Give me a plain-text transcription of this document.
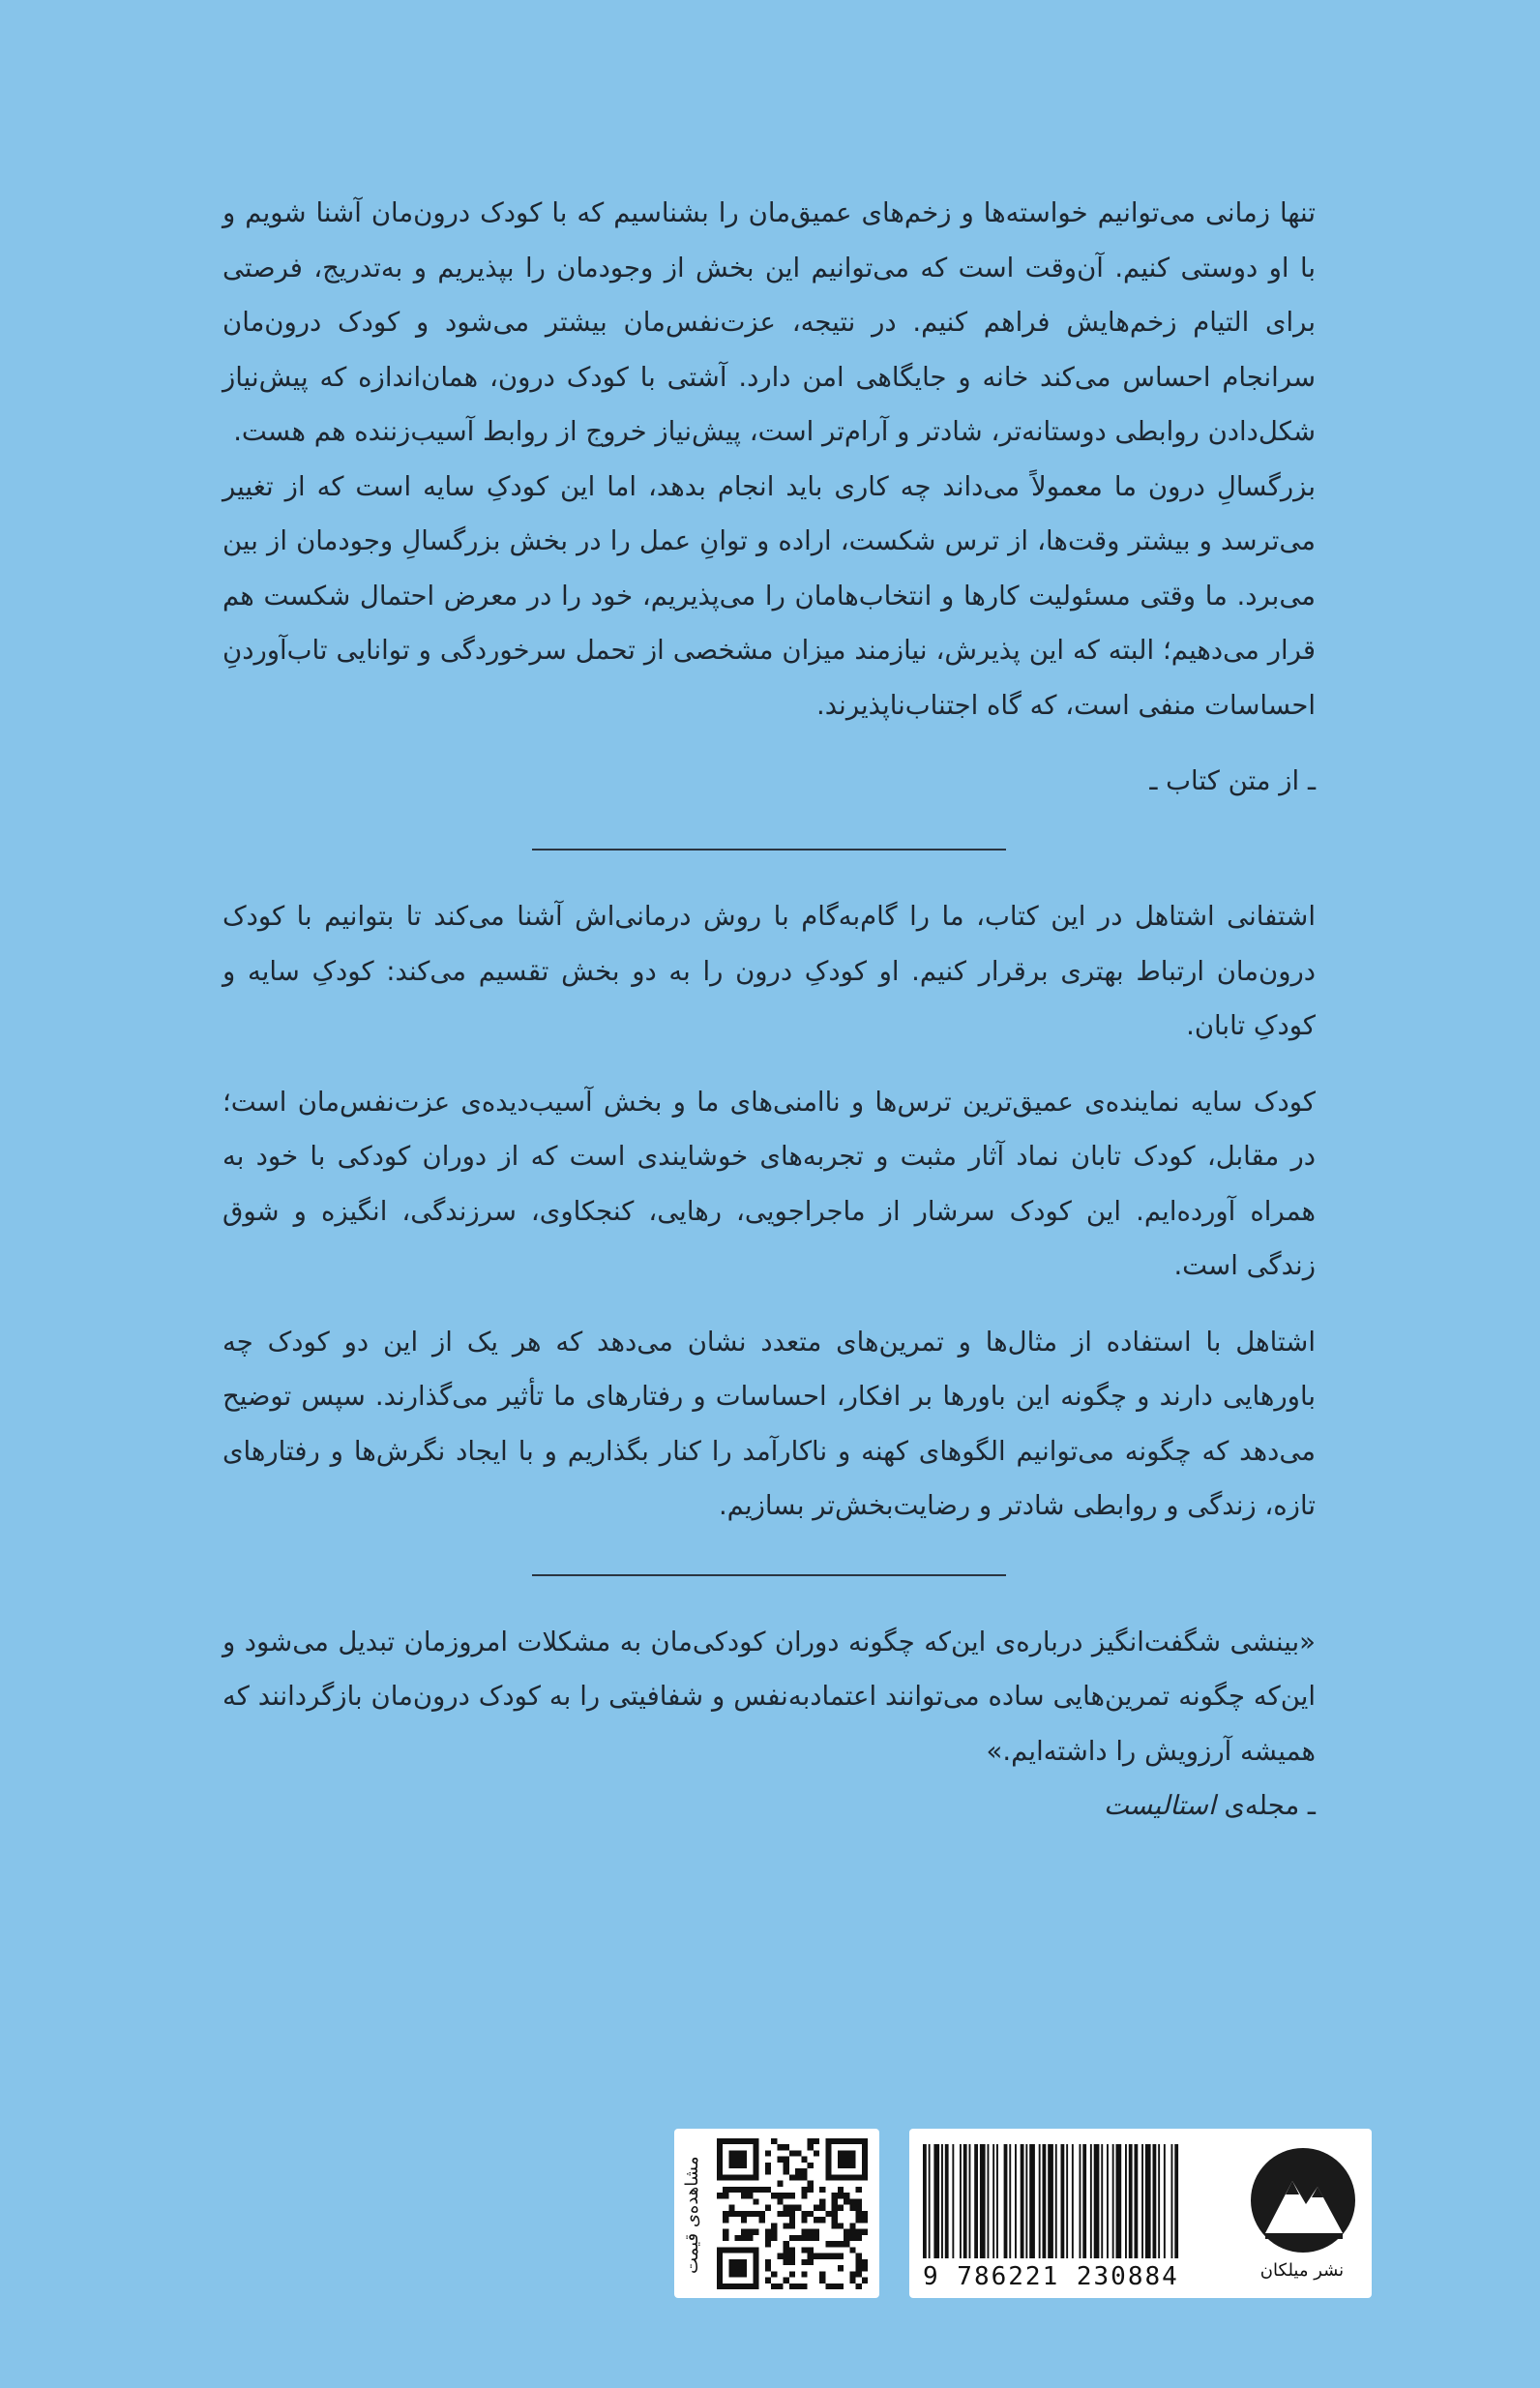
تنها زمانی می‌توانیم خواسته‌ها و زخم‌های عمیق‌مان را بشناسیم که با کودک درون‌مان آشنا شویم و با او دوستی کنیم. آن‌وقت است که می‌توانیم این بخش از وجودمان را بپذیریم و به‌تدریج، فرصتی برای التیام زخم‌هایش فراهم کنیم. در نتیجه، عزت‌نفس‌مان بیشتر می‌شود و کودک درون‌مان سرانجام احساس می‌کند خانه و جایگاهی امن دارد. آشتی با کودک درون، همان‌اندازه که پیش‌نیاز شکل‌دادن روابطی دوستانه‌تر، شادتر و آرام‌تر است، پیش‌نیاز خروج از روابط آسیب‌زننده هم هست.

بزرگسالِ درون ما معمولاً می‌داند چه کاری باید انجام بدهد، اما این کودکِ سایه است که از تغییر می‌ترسد و بیشتر وقت‌ها، از ترس شکست، اراده و توانِ عمل را در بخش بزرگسالِ وجودمان از بین می‌برد. ما وقتی مسئولیت کارها و انتخاب‌هامان را می‌پذیریم، خود را در معرض احتمال شکست هم قرار می‌دهیم؛ البته که این پذیرش، نیازمند میزان مشخصی از تحمل سرخوردگی و توانایی تاب‌آوردنِ احساسات منفی است، که گاه اجتناب‌ناپذیرند.

ـ از متن کتاب ـ

اشتفانی اشتاهل در این کتاب، ما را گام‌به‌گام با روش درمانی‌اش آشنا می‌کند تا بتوانیم با کودک درون‌مان ارتباط بهتری برقرار کنیم. او کودکِ درون را به دو بخش تقسیم می‌کند: کودکِ سایه و کودکِ تابان.

کودک سایه نماینده‌ی عمیق‌ترین ترس‌ها و ناامنی‌های ما و بخش آسیب‌دیده‌ی عزت‌نفس‌مان است؛ در مقابل، کودک تابان نماد آثار مثبت و تجربه‌های خوشایندی است که از دوران کودکی با خود به همراه آورده‌ایم. این کودک سرشار از ماجراجویی، رهایی، کنجکاوی، سرزندگی، انگیزه و شوق زندگی است.

اشتاهل با استفاده از مثال‌ها و تمرین‌های متعدد نشان می‌دهد که هر یک از این دو کودک چه باورهایی دارند و چگونه این باورها بر افکار، احساسات و رفتارهای ما تأثیر می‌گذارند. سپس توضیح می‌دهد که چگونه می‌توانیم الگوهای کهنه و ناکارآمد را کنار بگذاریم و با ایجاد نگرش‌ها و رفتارهای تازه، زندگی و روابطی شادتر و رضایت‌بخش‌تر بسازیم.

«بینشی شگفت‌انگیز درباره‌ی این‌که چگونه دوران کودکی‌مان به مشکلات امروزمان تبدیل می‌شود و این‌که چگونه تمرین‌هایی ساده می‌توانند اعتمادبه‌نفس و شفافیتی را به کودک درون‌مان بازگردانند که همیشه آرزویش را داشته‌ایم.»

ـ مجله‌ی استالیست

نشر میلکان
9 786221 230884
مشاهده‌ی قیمت
